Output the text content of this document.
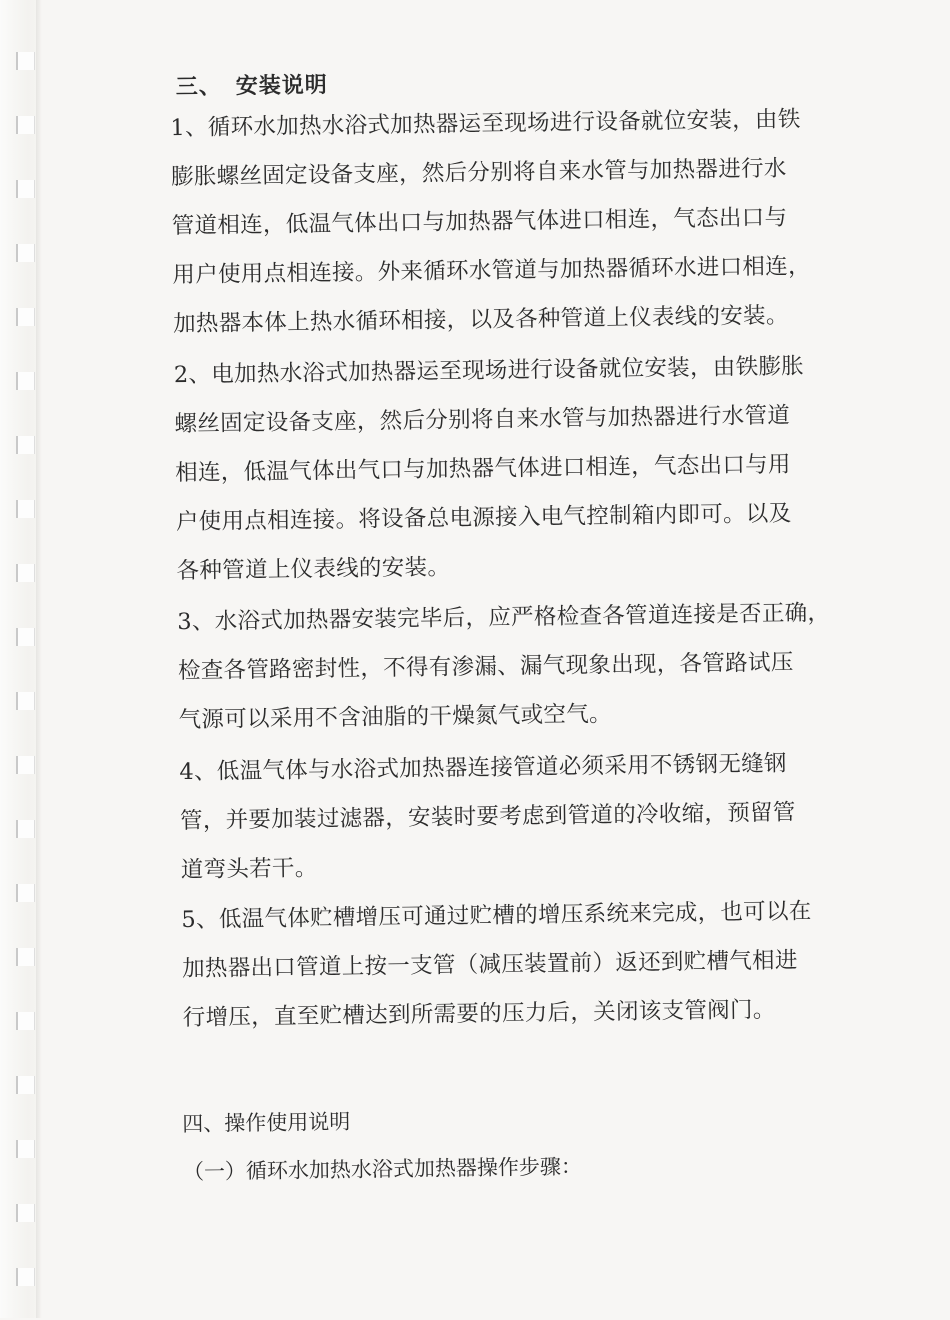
三、 安装说明
1、循环水加热水浴式加热器运至现场进行设备就位安装，由铁
膨胀螺丝固定设备支座，然后分别将自来水管与加热器进行水
管道相连，低温气体出口与加热器气体进口相连，气态出口与
用户使用点相连接。外来循环水管道与加热器循环水进口相连，
加热器本体上热水循环相接，以及各种管道上仪表线的安装。
2、电加热水浴式加热器运至现场进行设备就位安装，由铁膨胀
螺丝固定设备支座，然后分别将自来水管与加热器进行水管道
相连，低温气体出气口与加热器气体进口相连，气态出口与用
户使用点相连接。将设备总电源接入电气控制箱内即可。以及
各种管道上仪表线的安装。
3、水浴式加热器安装完毕后，应严格检查各管道连接是否正确，
检查各管路密封性，不得有渗漏、漏气现象出现，各管路试压
气源可以采用不含油脂的干燥氮气或空气。
4、低温气体与水浴式加热器连接管道必须采用不锈钢无缝钢
管，并要加装过滤器，安装时要考虑到管道的冷收缩，预留管
道弯头若干。
5、低温气体贮槽增压可通过贮槽的增压系统来完成，也可以在
加热器出口管道上按一支管（减压装置前）返还到贮槽气相进
行增压，直至贮槽达到所需要的压力后，关闭该支管阀门。
四、操作使用说明
（一）循环水加热水浴式加热器操作步骤：
